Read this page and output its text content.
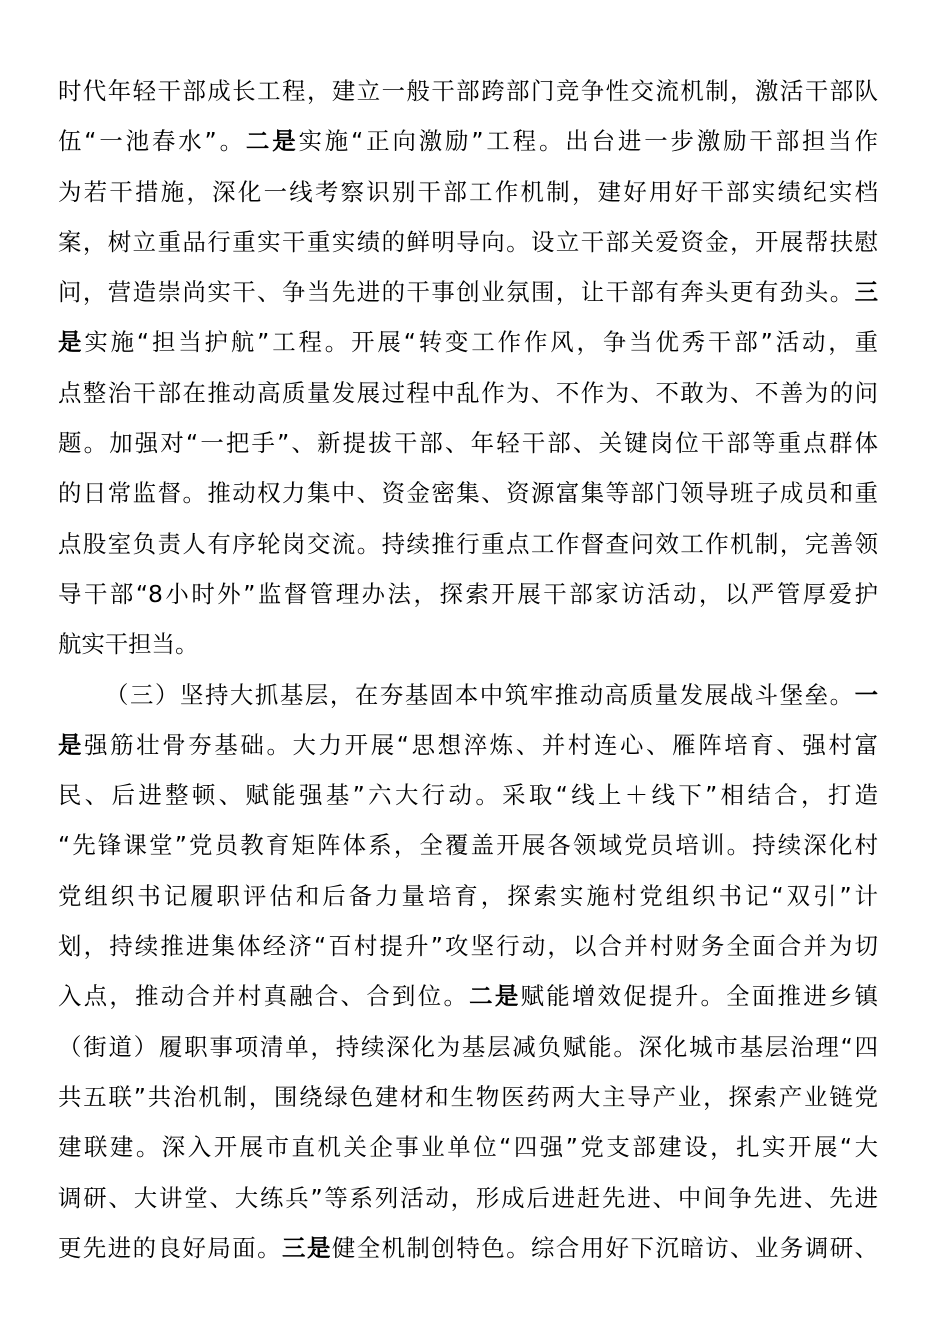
时代年轻干部成长工程，建立一般干部跨部门竞争性交流机制，激活干部队
伍“一池春水”。二是实施“正向激励”工程。出台进一步激励干部担当作
为若干措施，深化一线考察识别干部工作机制，建好用好干部实绩纪实档
案，树立重品行重实干重实绩的鲜明导向。设立干部关爱资金，开展帮扶慰
问，营造崇尚实干、争当先进的干事创业氛围，让干部有奔头更有劲头。三
是实施“担当护航”工程。开展“转变工作作风，争当优秀干部”活动，重
点整治干部在推动高质量发展过程中乱作为、不作为、不敢为、不善为的问
题。加强对“一把手”、新提拔干部、年轻干部、关键岗位干部等重点群体
的日常监督。推动权力集中、资金密集、资源富集等部门领导班子成员和重
点股室负责人有序轮岗交流。持续推行重点工作督查问效工作机制，完善领
导干部“8小时外”监督管理办法，探索开展干部家访活动，以严管厚爱护
航实干担当。
（三）坚持大抓基层，在夯基固本中筑牢推动高质量发展战斗堡垒。一
是强筋壮骨夯基础。大力开展“思想淬炼、并村连心、雁阵培育、强村富
民、后进整顿、赋能强基”六大行动。采取“线上＋线下”相结合，打造
“先锋课堂”党员教育矩阵体系，全覆盖开展各领域党员培训。持续深化村
党组织书记履职评估和后备力量培育，探索实施村党组织书记“双引”计
划，持续推进集体经济“百村提升”攻坚行动，以合并村财务全面合并为切
入点，推动合并村真融合、合到位。二是赋能增效促提升。全面推进乡镇
（街道）履职事项清单，持续深化为基层减负赋能。深化城市基层治理“四
共五联”共治机制，围绕绿色建材和生物医药两大主导产业，探索产业链党
建联建。深入开展市直机关企事业单位“四强”党支部建设，扎实开展“大
调研、大讲堂、大练兵”等系列活动，形成后进赶先进、中间争先进、先进
更先进的良好局面。三是健全机制创特色。综合用好下沉暗访、业务调研、
